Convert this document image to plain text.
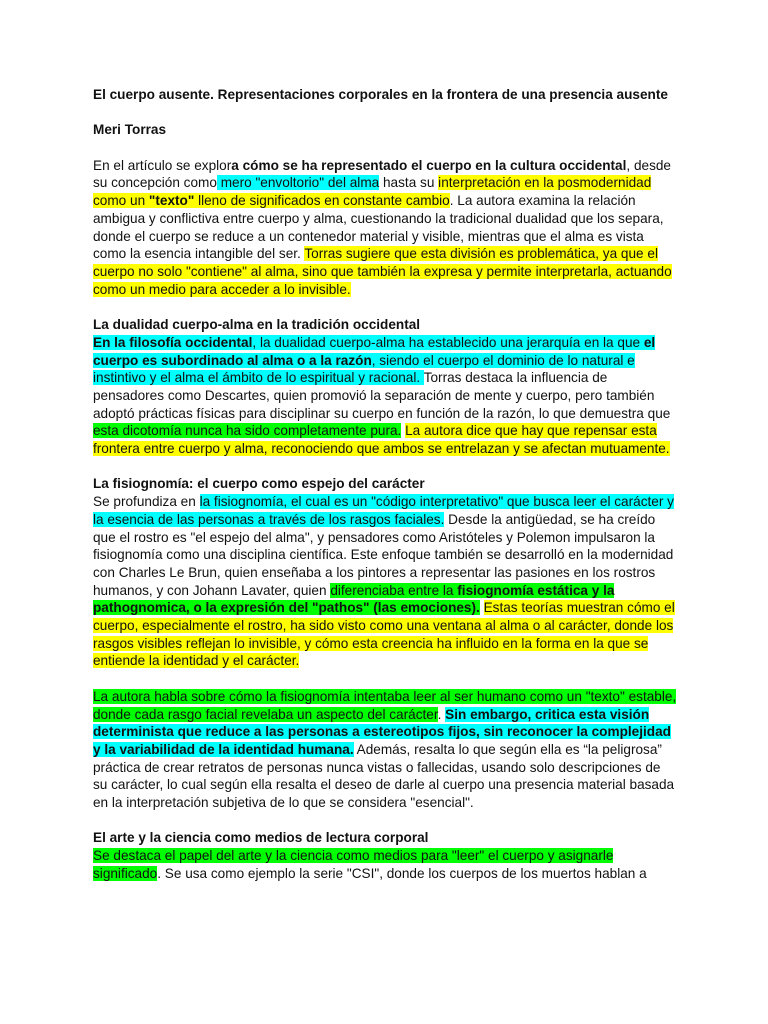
El cuerpo ausente. Representaciones corporales en la frontera de una presencia ausente

Meri Torras

En el artículo se explora cómo se ha representado el cuerpo en la cultura occidental, desde su concepción como mero "envoltorio" del alma hasta su interpretación en la posmodernidad como un "texto" lleno de significados en constante cambio. La autora examina la relación ambigua y conflictiva entre cuerpo y alma, cuestionando la tradicional dualidad que los separa, donde el cuerpo se reduce a un contenedor material y visible, mientras que el alma es vista como la esencia intangible del ser. Torras sugiere que esta división es problemática, ya que el cuerpo no solo "contiene" al alma, sino que también la expresa y permite interpretarla, actuando como un medio para acceder a lo invisible.

La dualidad cuerpo-alma en la tradición occidental

En la filosofía occidental, la dualidad cuerpo-alma ha establecido una jerarquía en la que el cuerpo es subordinado al alma o a la razón, siendo el cuerpo el dominio de lo natural e instintivo y el alma el ámbito de lo espiritual y racional. Torras destaca la influencia de pensadores como Descartes, quien promovió la separación de mente y cuerpo, pero también adoptó prácticas físicas para disciplinar su cuerpo en función de la razón, lo que demuestra que esta dicotomía nunca ha sido completamente pura. La autora dice que hay que repensar esta frontera entre cuerpo y alma, reconociendo que ambos se entrelazan y se afectan mutuamente.

La fisiognomía: el cuerpo como espejo del carácter

Se profundiza en la fisiognomía, el cual es un "código interpretativo" que busca leer el carácter y la esencia de las personas a través de los rasgos faciales. Desde la antigüedad, se ha creído que el rostro es "el espejo del alma", y pensadores como Aristóteles y Polemon impulsaron la fisiognomía como una disciplina científica. Este enfoque también se desarrolló en la modernidad con Charles Le Brun, quien enseñaba a los pintores a representar las pasiones en los rostros humanos, y con Johann Lavater, quien diferenciaba entre la fisiognomía estática y la pathognomica, o la expresión del "pathos" (las emociones). Estas teorías muestran cómo el cuerpo, especialmente el rostro, ha sido visto como una ventana al alma o al carácter, donde los rasgos visibles reflejan lo invisible, y cómo esta creencia ha influido en la forma en la que se entiende la identidad y el carácter.

La autora habla sobre cómo la fisiognomía intentaba leer al ser humano como un "texto" estable, donde cada rasgo facial revelaba un aspecto del carácter. Sin embargo, critica esta visión determinista que reduce a las personas a estereotipos fijos, sin reconocer la complejidad y la variabilidad de la identidad humana. Además, resalta lo que según ella es “la peligrosa” práctica de crear retratos de personas nunca vistas o fallecidas, usando solo descripciones de su carácter, lo cual según ella resalta el deseo de darle al cuerpo una presencia material basada en la interpretación subjetiva de lo que se considera "esencial".

El arte y la ciencia como medios de lectura corporal

Se destaca el papel del arte y la ciencia como medios para "leer" el cuerpo y asignarle significado. Se usa como ejemplo la serie "CSI", donde los cuerpos de los muertos hablan a
